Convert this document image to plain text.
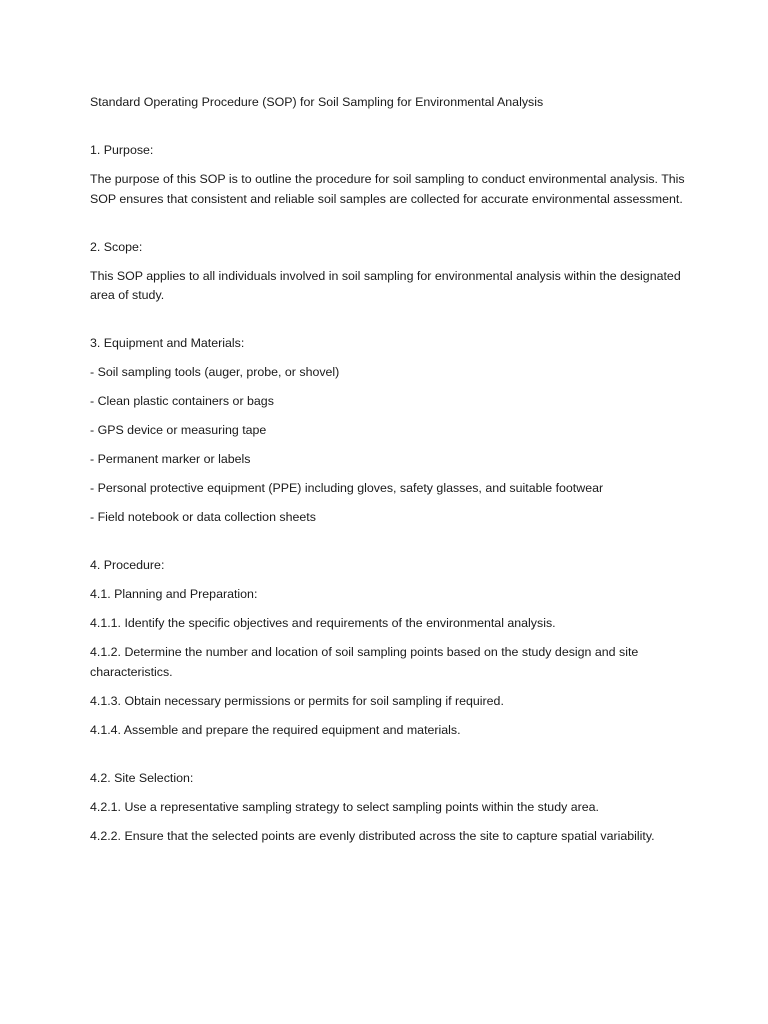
Standard Operating Procedure (SOP) for Soil Sampling for Environmental Analysis

1. Purpose:

The purpose of this SOP is to outline the procedure for soil sampling to conduct environmental analysis. This SOP ensures that consistent and reliable soil samples are collected for accurate environmental assessment.

2. Scope:

This SOP applies to all individuals involved in soil sampling for environmental analysis within the designated area of study.

3. Equipment and Materials:

- Soil sampling tools (auger, probe, or shovel)

- Clean plastic containers or bags

- GPS device or measuring tape

- Permanent marker or labels

- Personal protective equipment (PPE) including gloves, safety glasses, and suitable footwear

- Field notebook or data collection sheets

4. Procedure:

4.1. Planning and Preparation:

4.1.1. Identify the specific objectives and requirements of the environmental analysis.

4.1.2. Determine the number and location of soil sampling points based on the study design and site characteristics.

4.1.3. Obtain necessary permissions or permits for soil sampling if required.

4.1.4. Assemble and prepare the required equipment and materials.

4.2. Site Selection:

4.2.1. Use a representative sampling strategy to select sampling points within the study area.

4.2.2. Ensure that the selected points are evenly distributed across the site to capture spatial variability.
